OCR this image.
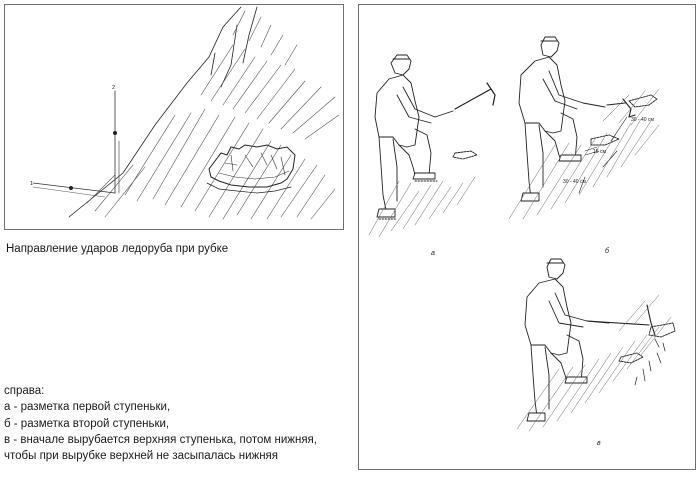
2
1
а	б
в
30 - 40 см
15 см
30 - 40 см
Направление ударов ледоруба при рубке
справа:
а - разметка первой ступеньки,
б - разметка второй ступеньки,
в - вначале вырубается верхняя ступенька, потом нижняя,
чтобы при вырубке верхней не засыпалась нижняя
